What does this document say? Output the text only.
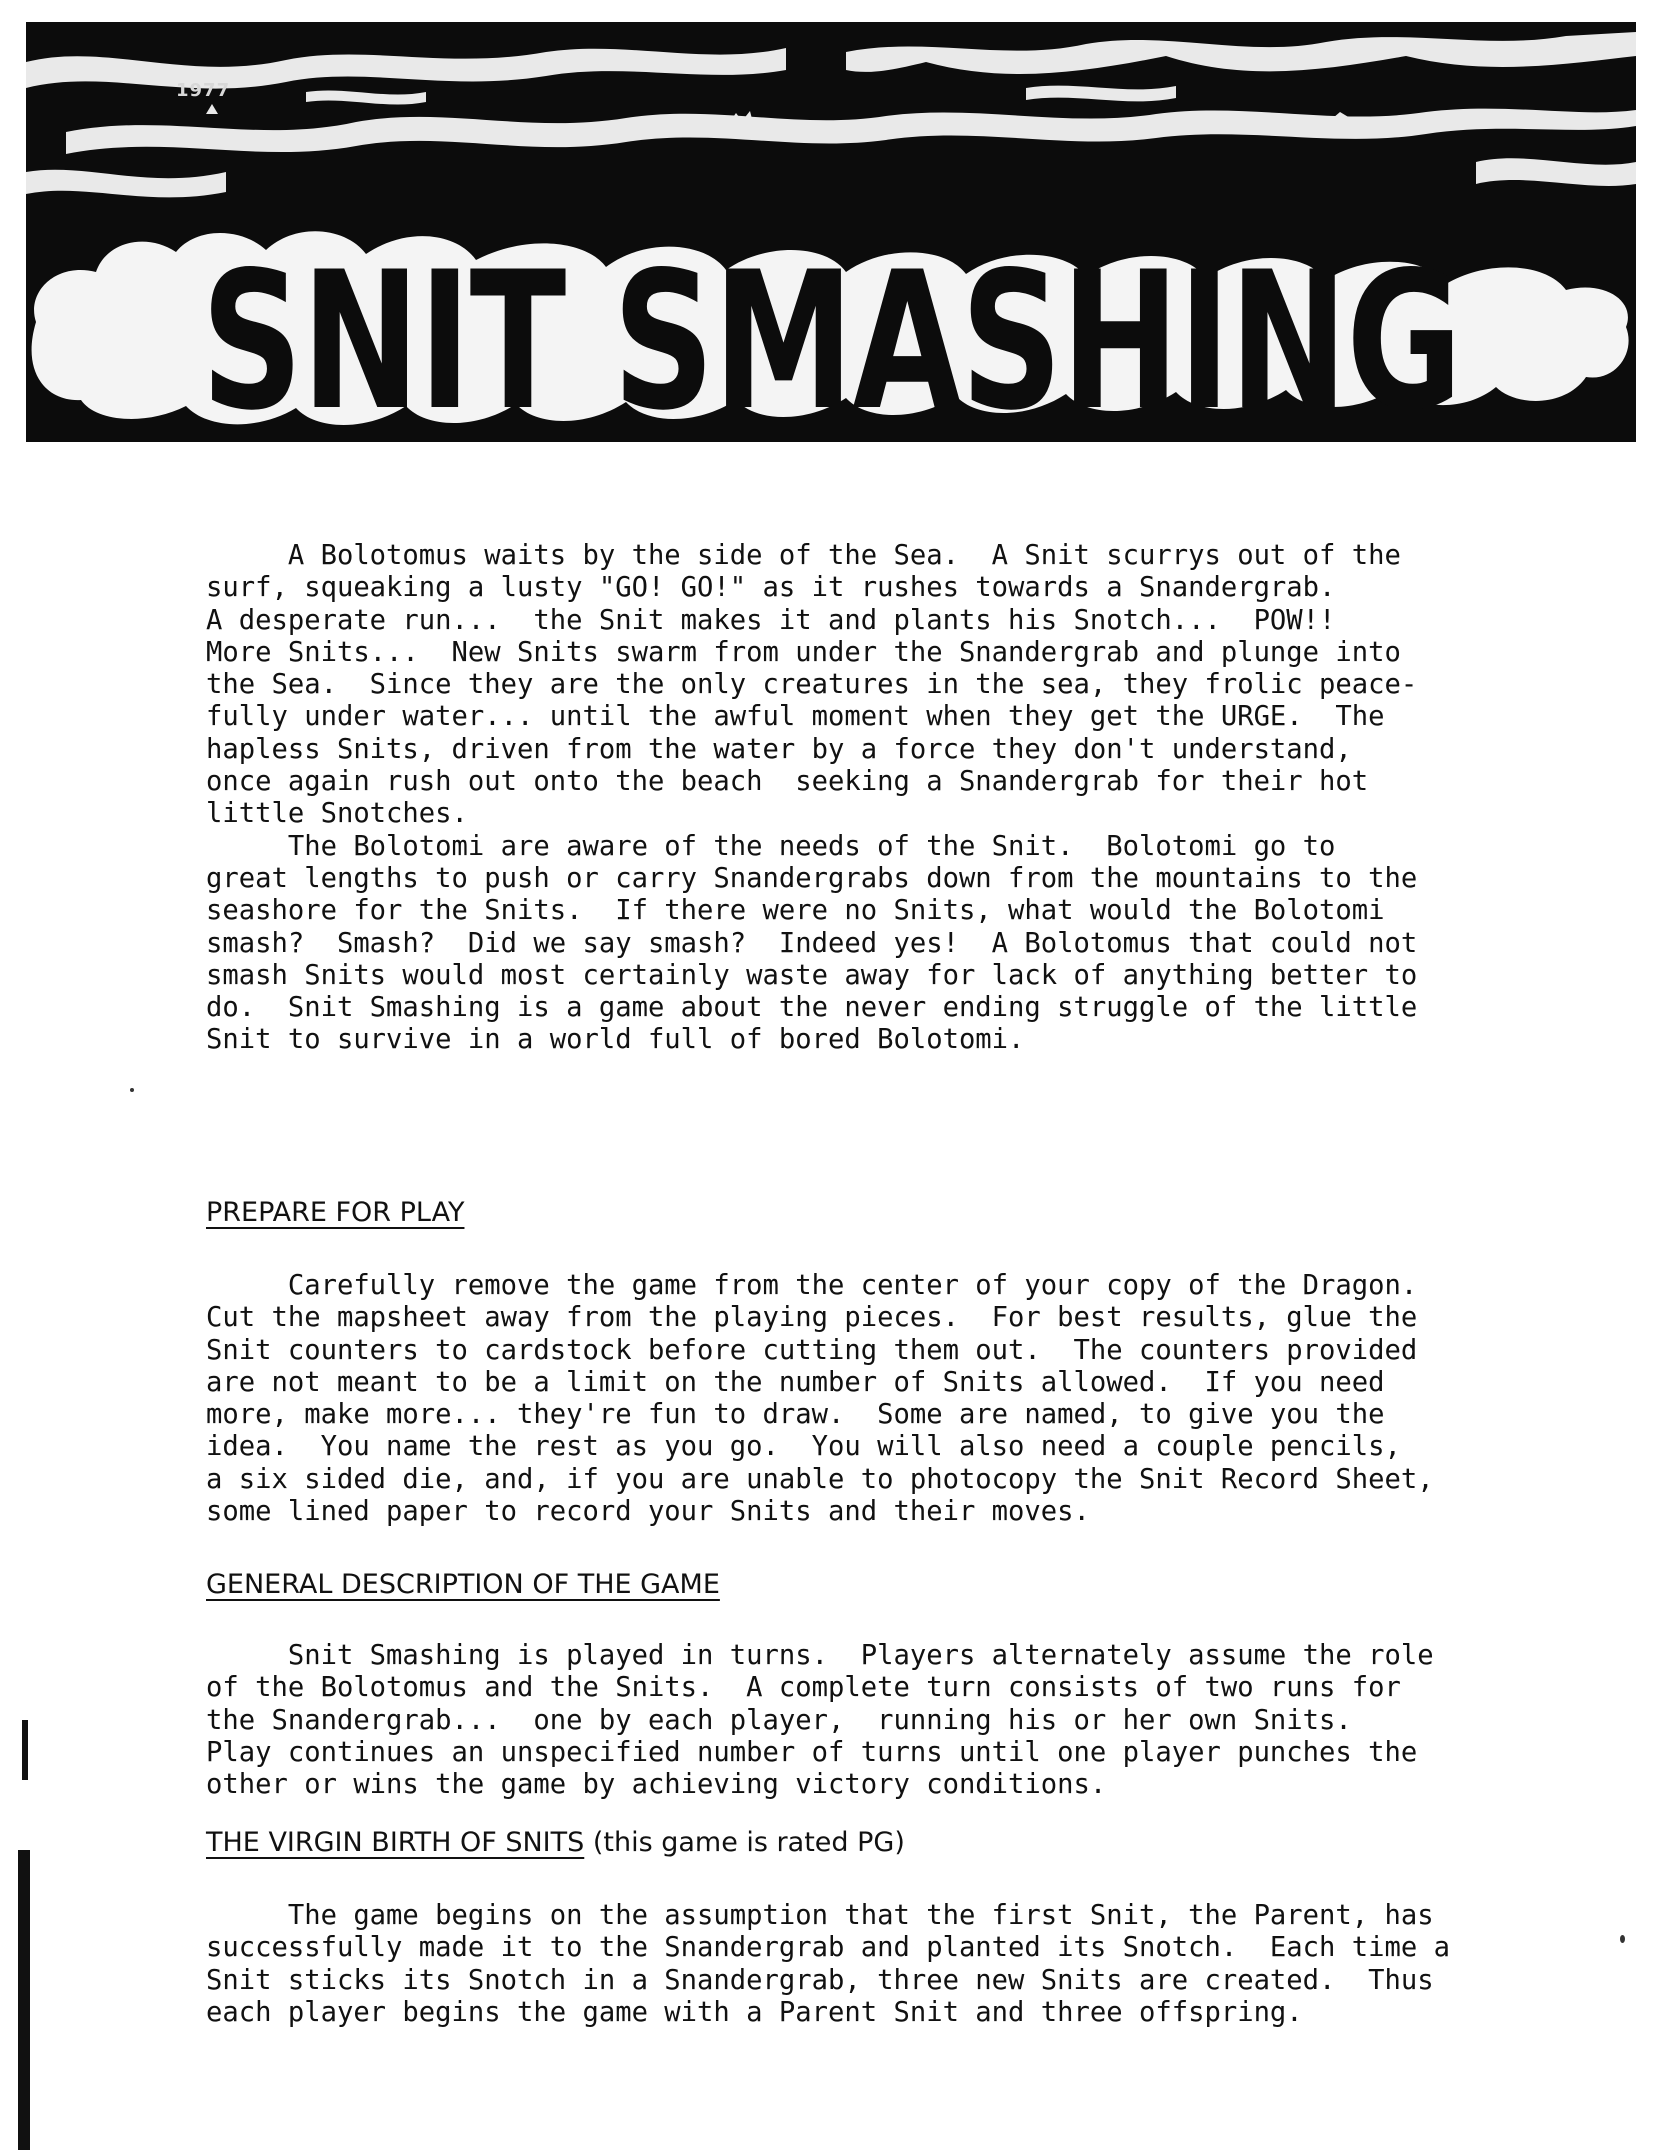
SNIT SMASHING
1977
A Bolotomus waits by the side of the Sea.  A Snit scurrys out of the
surf, squeaking a lusty "GO! GO!" as it rushes towards a Snandergrab.
A desperate run...  the Snit makes it and plants his Snotch...  POW!!
More Snits...  New Snits swarm from under the Snandergrab and plunge into
the Sea.  Since they are the only creatures in the sea, they frolic peace-
fully under water... until the awful moment when they get the URGE.  The
hapless Snits, driven from the water by a force they don't understand,
once again rush out onto the beach  seeking a Snandergrab for their hot
little Snotches.
The Bolotomi are aware of the needs of the Snit.  Bolotomi go to
great lengths to push or carry Snandergrabs down from the mountains to the
seashore for the Snits.  If there were no Snits, what would the Bolotomi
smash?  Smash?  Did we say smash?  Indeed yes!  A Bolotomus that could not
smash Snits would most certainly waste away for lack of anything better to
do.  Snit Smashing is a game about the never ending struggle of the little
Snit to survive in a world full of bored Bolotomi.
PREPARE FOR PLAY
Carefully remove the game from the center of your copy of the Dragon.
Cut the mapsheet away from the playing pieces.  For best results, glue the
Snit counters to cardstock before cutting them out.  The counters provided
are not meant to be a limit on the number of Snits allowed.  If you need
more, make more... they're fun to draw.  Some are named, to give you the
idea.  You name the rest as you go.  You will also need a couple pencils,
a six sided die, and, if you are unable to photocopy the Snit Record Sheet,
some lined paper to record your Snits and their moves.
GENERAL DESCRIPTION OF THE GAME
Snit Smashing is played in turns.  Players alternately assume the role
of the Bolotomus and the Snits.  A complete turn consists of two runs for
the Snandergrab...  one by each player,  running his or her own Snits.
Play continues an unspecified number of turns until one player punches the
other or wins the game by achieving victory conditions.
THE VIRGIN BIRTH OF SNITS (this game is rated PG)
The game begins on the assumption that the first Snit, the Parent, has
successfully made it to the Snandergrab and planted its Snotch.  Each time a
Snit sticks its Snotch in a Snandergrab, three new Snits are created.  Thus
each player begins the game with a Parent Snit and three offspring.
